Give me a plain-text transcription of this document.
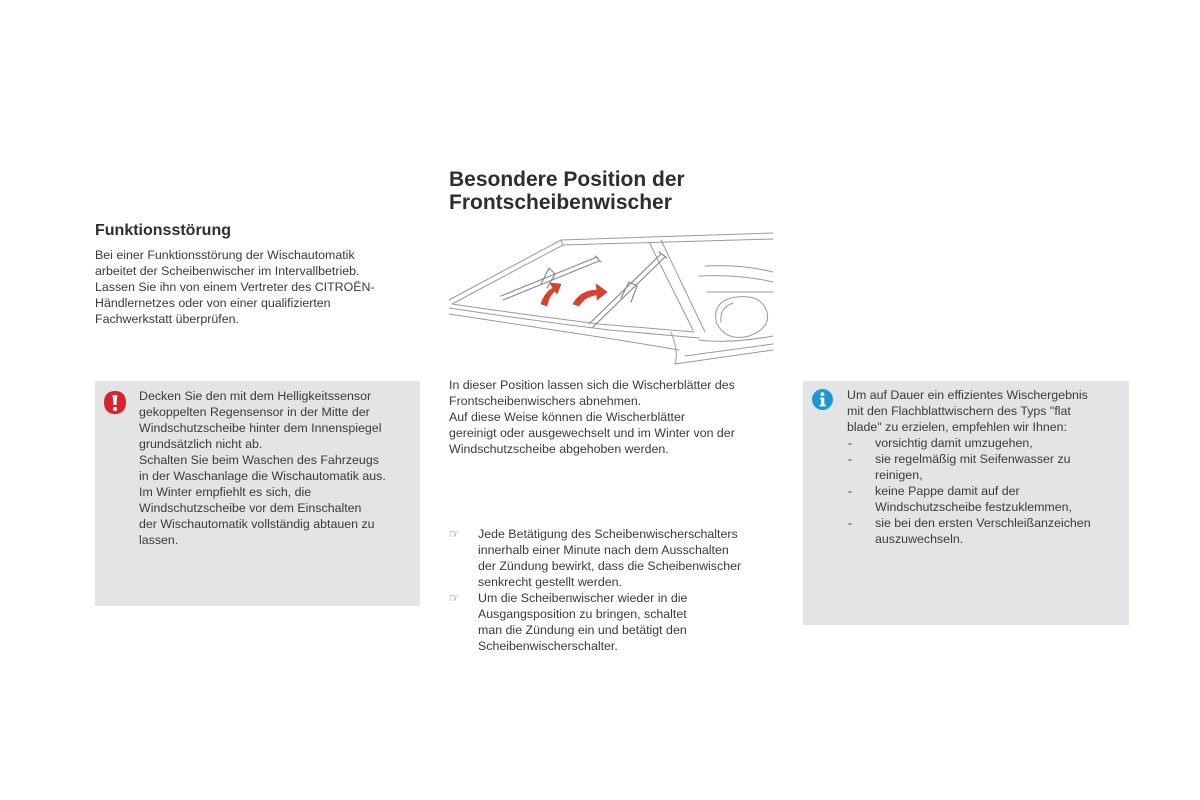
Funktionsstörung
Bei einer Funktionsstörung der Wischautomatik
arbeitet der Scheibenwischer im Intervallbetrieb.
Lassen Sie ihn von einem Vertreter des CITROËN-
Händlernetzes oder von einer qualifizierten
Fachwerkstatt überprüfen.
Decken Sie den mit dem Helligkeitssensor
gekoppelten Regensensor in der Mitte der
Windschutzscheibe hinter dem Innenspiegel
grundsätzlich nicht ab.
Schalten Sie beim Waschen des Fahrzeugs
in der Waschanlage die Wischautomatik aus.
Im Winter empfiehlt es sich, die
Windschutzscheibe vor dem Einschalten
der Wischautomatik vollständig abtauen zu
lassen.
Besondere Position der
Frontscheibenwischer
In dieser Position lassen sich die Wischerblätter des
Frontscheibenwischers abnehmen.
Auf diese Weise können die Wischerblätter
gereinigt oder ausgewechselt und im Winter von der
Windschutzscheibe abgehoben werden.
☞
Jede Betätigung des Scheibenwischerschalters
innerhalb einer Minute nach dem Ausschalten
der Zündung bewirkt, dass die Scheibenwischer
senkrecht gestellt werden.
☞
Um die Scheibenwischer wieder in die
Ausgangsposition zu bringen, schaltet
man die Zündung ein und betätigt den
Scheibenwischerschalter.
Um auf Dauer ein effizientes Wischergebnis
mit den Flachblattwischern des Typs "flat
blade" zu erzielen, empfehlen wir Ihnen:
-	vorsichtig damit umzugehen,
-	sie regelmäßig mit Seifenwasser zu
reinigen,
-	keine Pappe damit auf der
Windschutzscheibe festzuklemmen,
-	sie bei den ersten Verschleißanzeichen
auszuwechseln.
